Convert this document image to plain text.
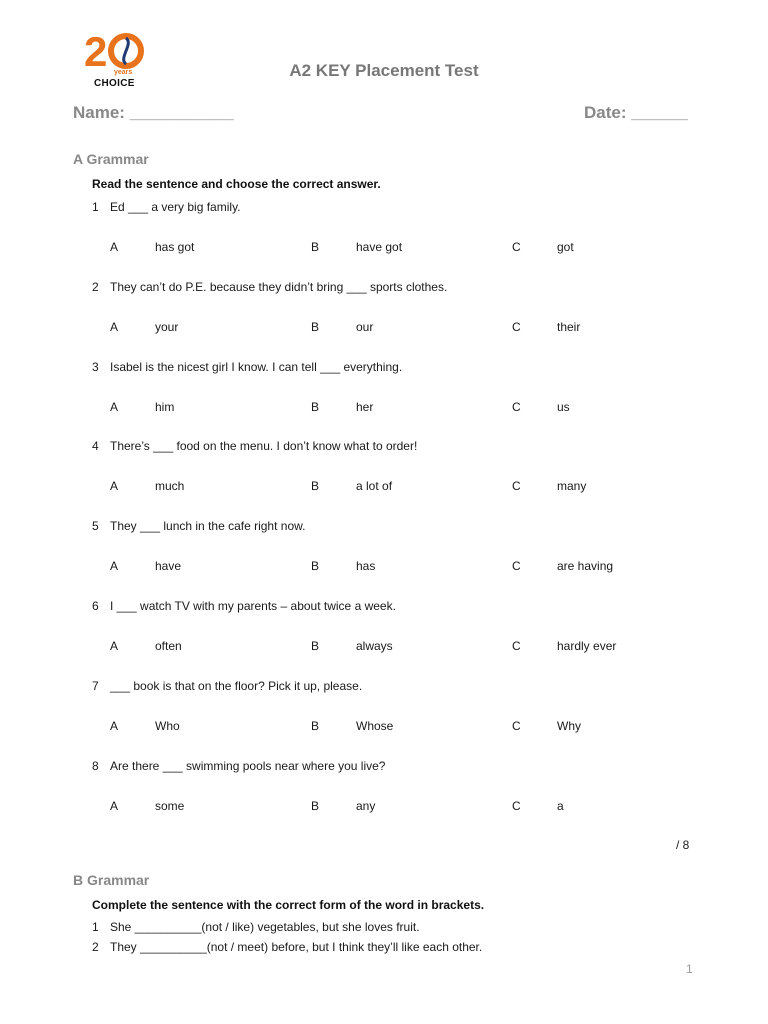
2 years
CHOICE
A2 KEY Placement Test
Name: ___________	Date: ______
A Grammar
Read the sentence and choose the correct answer.
1 Ed ___ a very big family.
A	has got	B	have got	C	got
2 They can’t do P.E. because they didn’t bring ___ sports clothes.
A	your	B	our	C	their
3 Isabel is the nicest girl I know. I can tell ___ everything.
A	him	B	her	C	us
4 There’s ___ food on the menu. I don’t know what to order!
A	much	B	a lot of	C	many
5 They ___ lunch in the cafe right now.
A	have	B	has	C	are having
6 I ___ watch TV with my parents – about twice a week.
A	often	B	always	C	hardly ever
7 ___ book is that on the floor? Pick it up, please.
A	Who	B	Whose	C	Why
8 Are there ___ swimming pools near where you live?
A	some	B	any	C	a
/ 8
B Grammar
Complete the sentence with the correct form of the word in brackets.
1 She __________(not / like) vegetables, but she loves fruit.
2 They __________(not / meet) before, but I think they’ll like each other.
1
